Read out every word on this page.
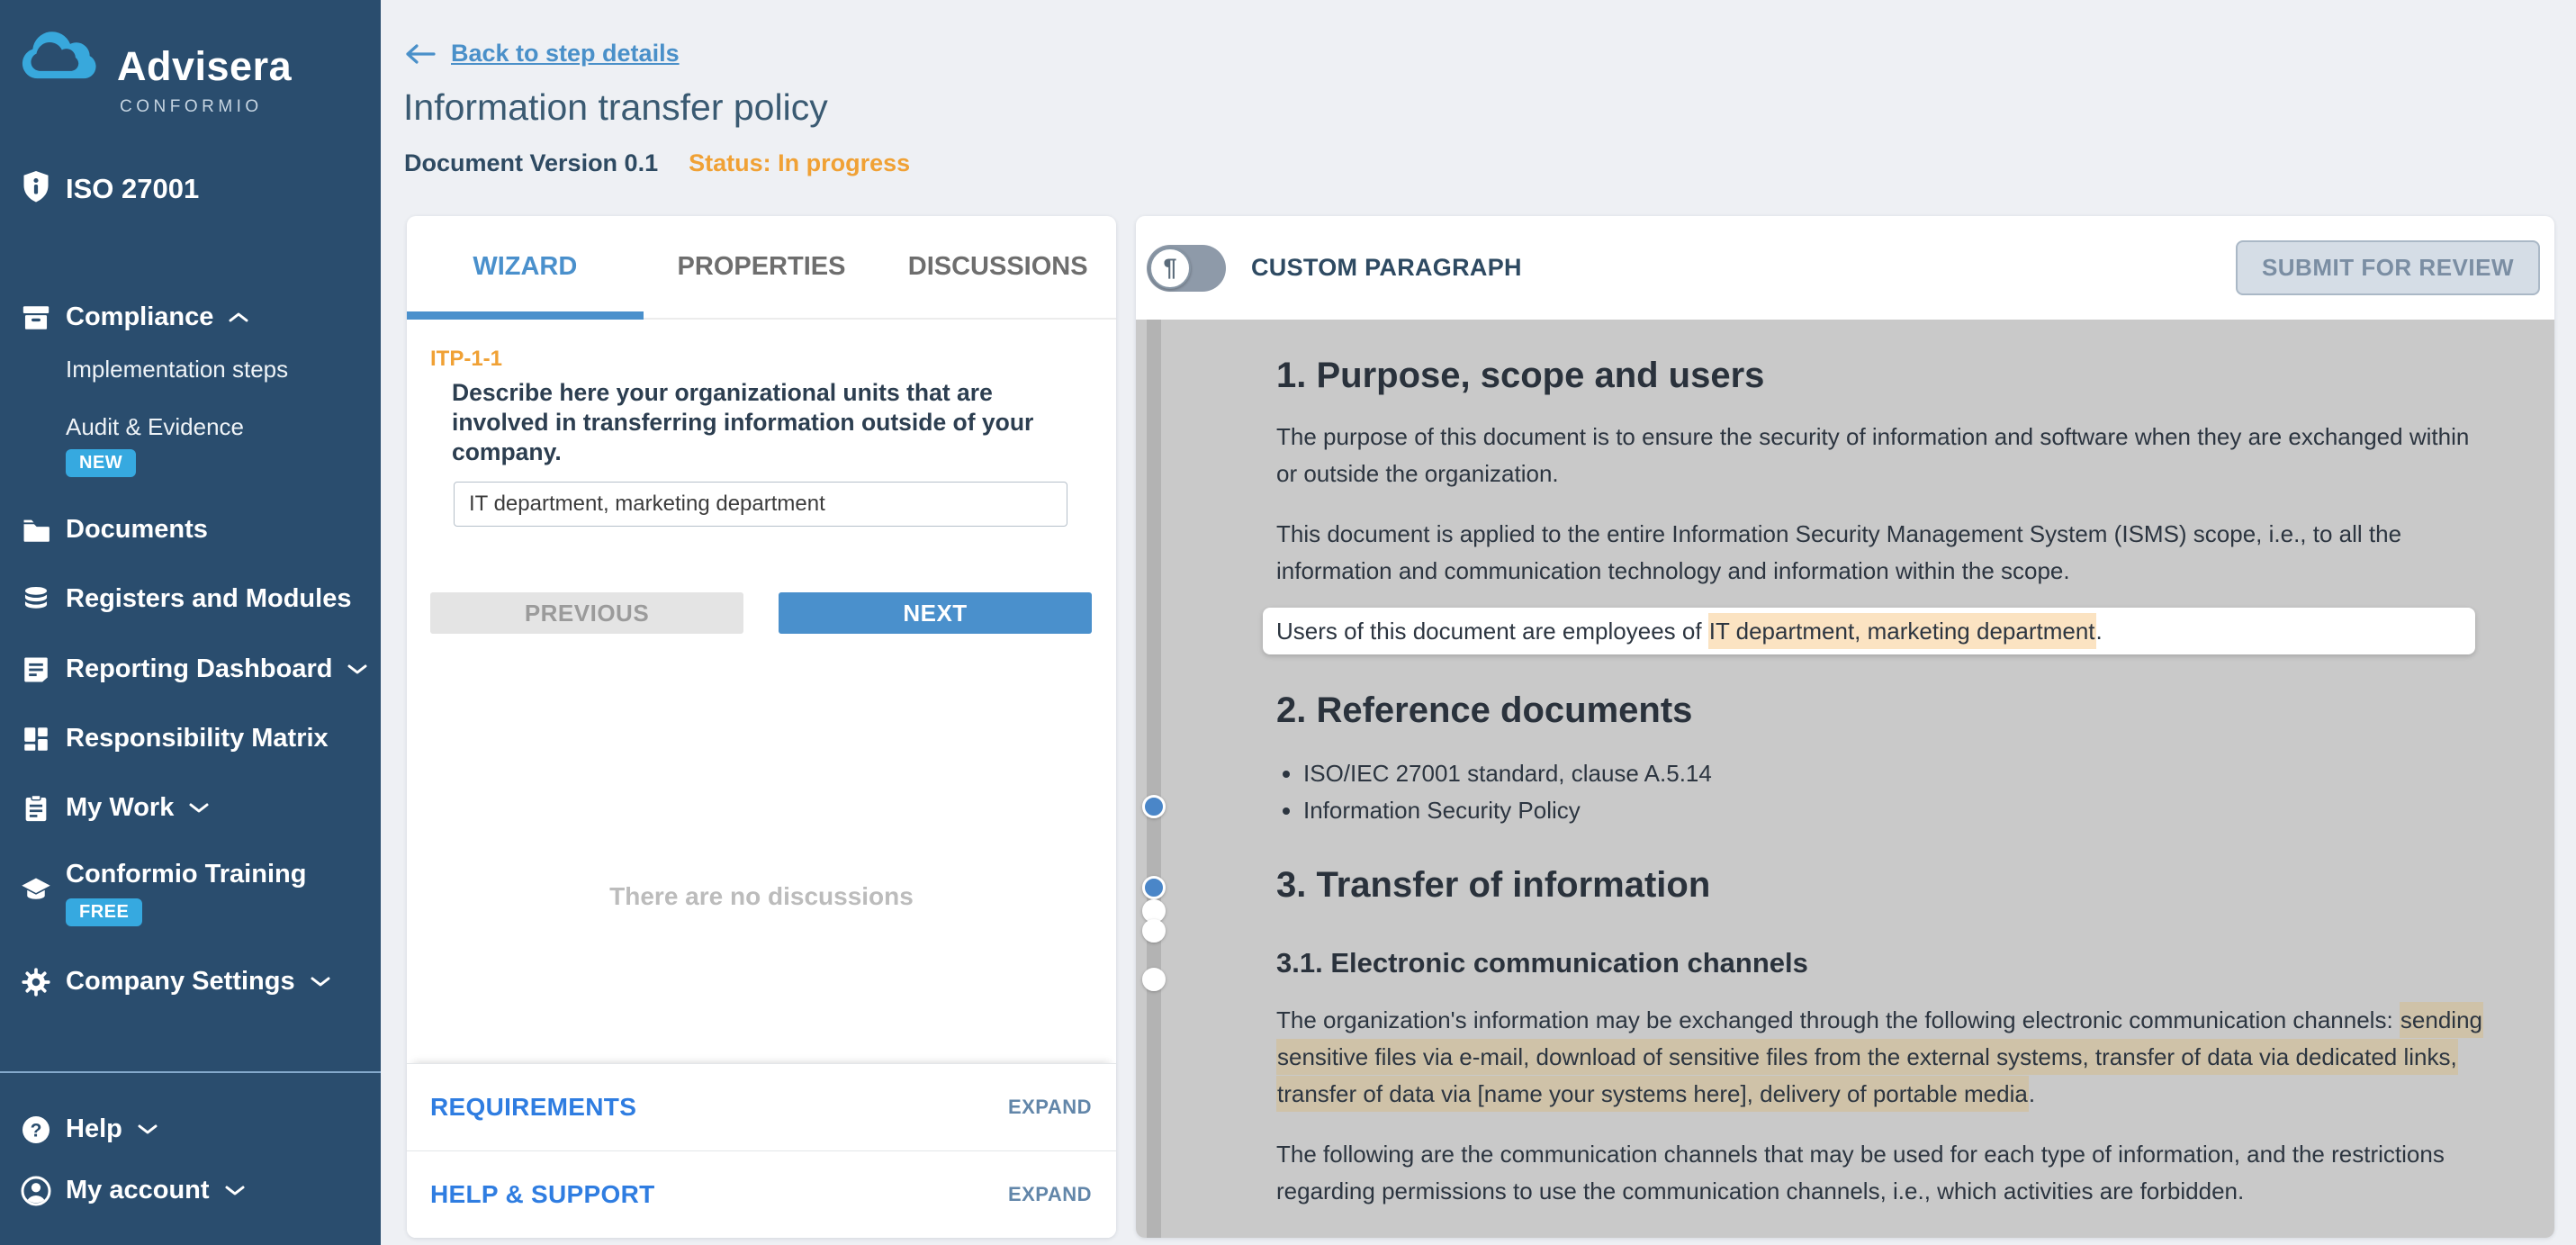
Advisera
CONFORMIO
ISO 27001
Compliance
Implementation steps
Audit & Evidence
NEW
Documents
Registers and Modules
Reporting Dashboard
Responsibility Matrix
My Work
Conformio Training
FREE
Company Settings
? Help
My account
Back to step details
Information transfer policy
Document Version 0.1 Status: In progress
WIZARD	PROPERTIES	DISCUSSIONS
ITP-1-1
Describe here your organizational units that are involved in transferring information outside of your company.
IT department, marketing department
PREVIOUS	NEXT
There are no discussions
REQUIREMENTS	EXPAND
HELP & SUPPORT	EXPAND
¶	CUSTOM PARAGRAPH	SUBMIT FOR REVIEW
1. Purpose, scope and users
The purpose of this document is to ensure the security of information and software when they are exchanged within or outside the organization.
This document is applied to the entire Information Security Management System (ISMS) scope, i.e., to all the information and communication technology and information within the scope.
Users of this document are employees of IT department, marketing department.
2. Reference documents
• ISO/IEC 27001 standard, clause A.5.14
• Information Security Policy
3. Transfer of information
3.1. Electronic communication channels
The organization's information may be exchanged through the following electronic communication channels: sending sensitive files via e-mail, download of sensitive files from the external systems, transfer of data via dedicated links, transfer of data via [name your systems here], delivery of portable media.
The following are the communication channels that may be used for each type of information, and the restrictions regarding permissions to use the communication channels, i.e., which activities are forbidden.
